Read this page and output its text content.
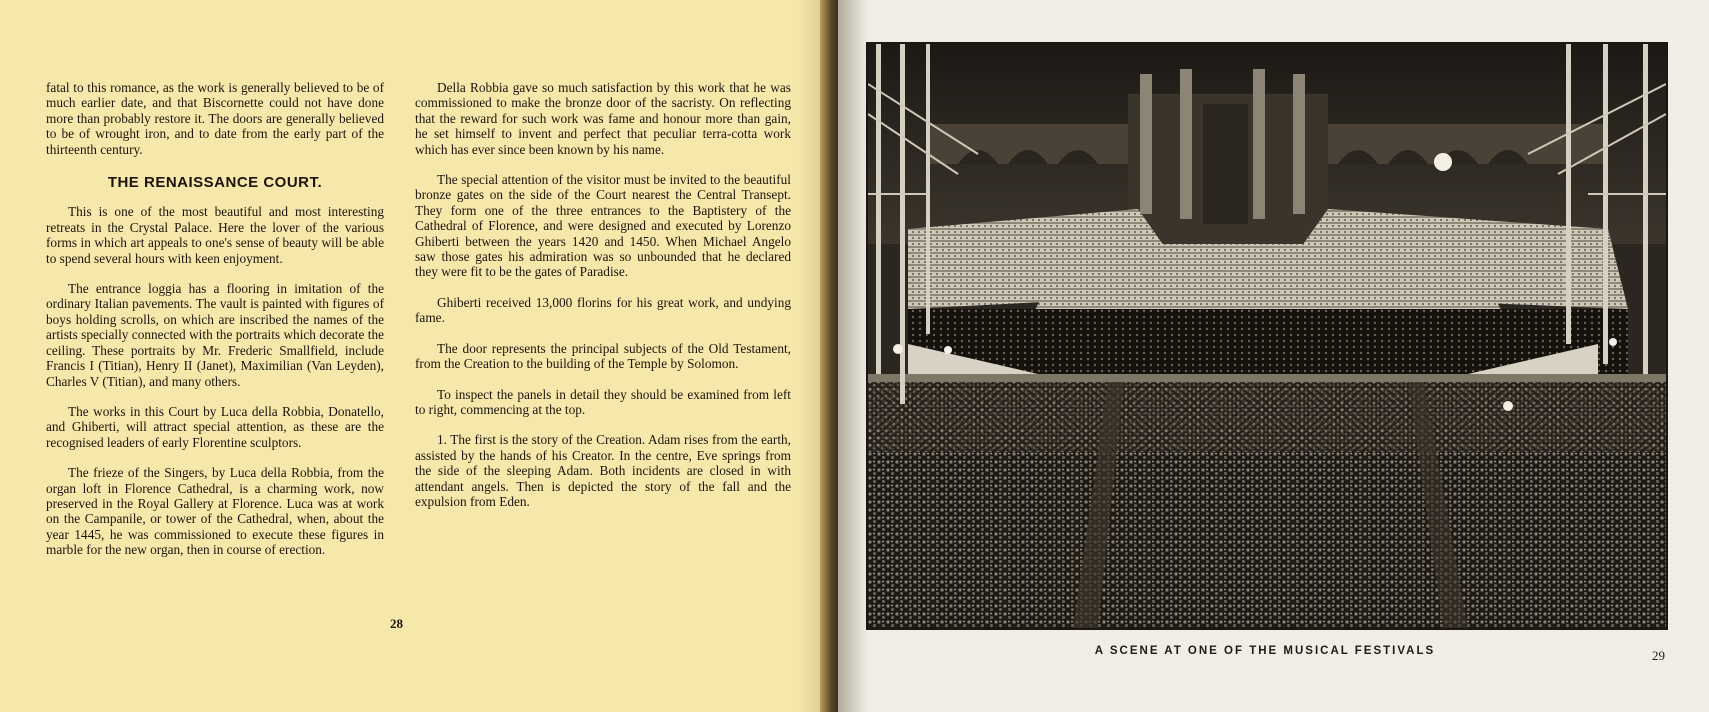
fatal to this romance, as the work is generally believed to be of much earlier date, and that Biscornette could not have done more than probably restore it. The doors are generally believed to be of wrought iron, and to date from the early part of the thirteenth century.

THE RENAISSANCE COURT.

This is one of the most beautiful and most interesting retreats in the Crystal Palace. Here the lover of the various forms in which art appeals to one's sense of beauty will be able to spend several hours with keen enjoyment.

The entrance loggia has a flooring in imitation of the ordinary Italian pavements. The vault is painted with figures of boys holding scrolls, on which are inscribed the names of the artists specially connected with the portraits which decorate the ceiling. These portraits by Mr. Frederic Smallfield, include Francis I (Titian), Henry II (Janet), Maximilian (Van Leyden), Charles V (Titian), and many others.

The works in this Court by Luca della Robbia, Donatello, and Ghiberti, will attract special attention, as these are the recognised leaders of early Florentine sculptors.

The frieze of the Singers, by Luca della Robbia, from the organ loft in Florence Cathedral, is a charming work, now preserved in the Royal Gallery at Florence. Luca was at work on the Campanile, or tower of the Cathedral, when, about the year 1445, he was commissioned to execute these figures in marble for the new organ, then in course of erection.

Della Robbia gave so much satisfaction by this work that he was commissioned to make the bronze door of the sacristy. On reflecting that the reward for such work was fame and honour more than gain, he set himself to invent and perfect that peculiar terra-cotta work which has ever since been known by his name.

The special attention of the visitor must be invited to the beautiful bronze gates on the side of the Court nearest the Central Transept. They form one of the three entrances to the Baptistery of the Cathedral of Florence, and were designed and executed by Lorenzo Ghiberti between the years 1420 and 1450. When Michael Angelo saw those gates his admiration was so unbounded that he declared they were fit to be the gates of Paradise.

Ghiberti received 13,000 florins for his great work, and undying fame.

The door represents the principal subjects of the Old Testament, from the Creation to the building of the Temple by Solomon.

To inspect the panels in detail they should be examined from left to right, commencing at the top.

1. The first is the story of the Creation. Adam rises from the earth, assisted by the hands of his Creator. In the centre, Eve springs from the side of the sleeping Adam. Both incidents are closed in with attendant angels. Then is depicted the story of the fall and the expulsion from Eden.

28
A SCENE AT ONE OF THE MUSICAL FESTIVALS	29
